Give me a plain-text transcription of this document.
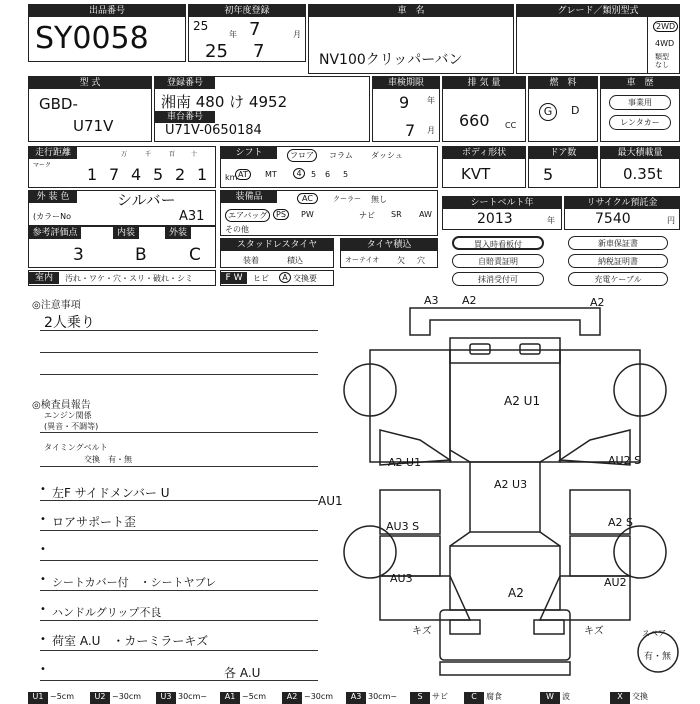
出品番号
SY0058
初年度登録
25 7
年	月
25 7
車　名
NV100クリッパーバン
グレード／類別型式
2WD
4WD
類型
なし
型 式
GBD-
U71V
登録番号
湘南 480 け 4952
車台番号
U71V-0650184
車検期限
9 年
7 月
排 気 量
660 CC
燃　料
G	D
車　歴
事業用
レンタカー
走行距離
マーク
万	千	百	十
1 7 4 5 2 1 km
シフト	フロア	コラム ダッシュ
AT	MT	4	5 6 5
ボディ形状
KVT
ドア数
5
最大積載量
0.35t
外 装 色	シルバー
(カラーNo	A31
装備品	AC	クーラー 無し
エアバッグ	PS	PW	ナビ SR AW
その他
シートベルト年
2013	年
リサイクル預託金
7540	円
参考評価点	内装	外装
3	B C	スタッドレスタイヤ
装着	積込
タイヤ積込
オーテイオ 欠 穴
買入時看板付	新車保証書
自賠責証明	納税証明書
抹消受付可	充電ケーブル
室内	汚れ・ワケ・穴・スリ・破れ・シミ	F W	ヒビ	A 交換要
◎注意事項
2人乗り
◎検査員報告
エンジン関係
(異音・不調等)
タイミングベルト
交換　有・無
• 左F サイドメンバー U
• ロアサポート歪
•
• シートカバー付　・シートヤブレ
• ハンドルグリップ不良
• 荷室 A.U　・カーミラーキズ
•	各 A.U
A3 A2	A2
A2 U1
A2 U1
A2 U3
AU2 S
AU3 S	A2 S
AU3	AU2
A2
AU1
キズ	キズ	スペア
有・無
U1 ~5cm	U2 ~30cm	U3 30cm~	A1 ~5cm	A2 ~30cm	A3 30cm~	S	サビ	C	腐食	W	波	X	交換
